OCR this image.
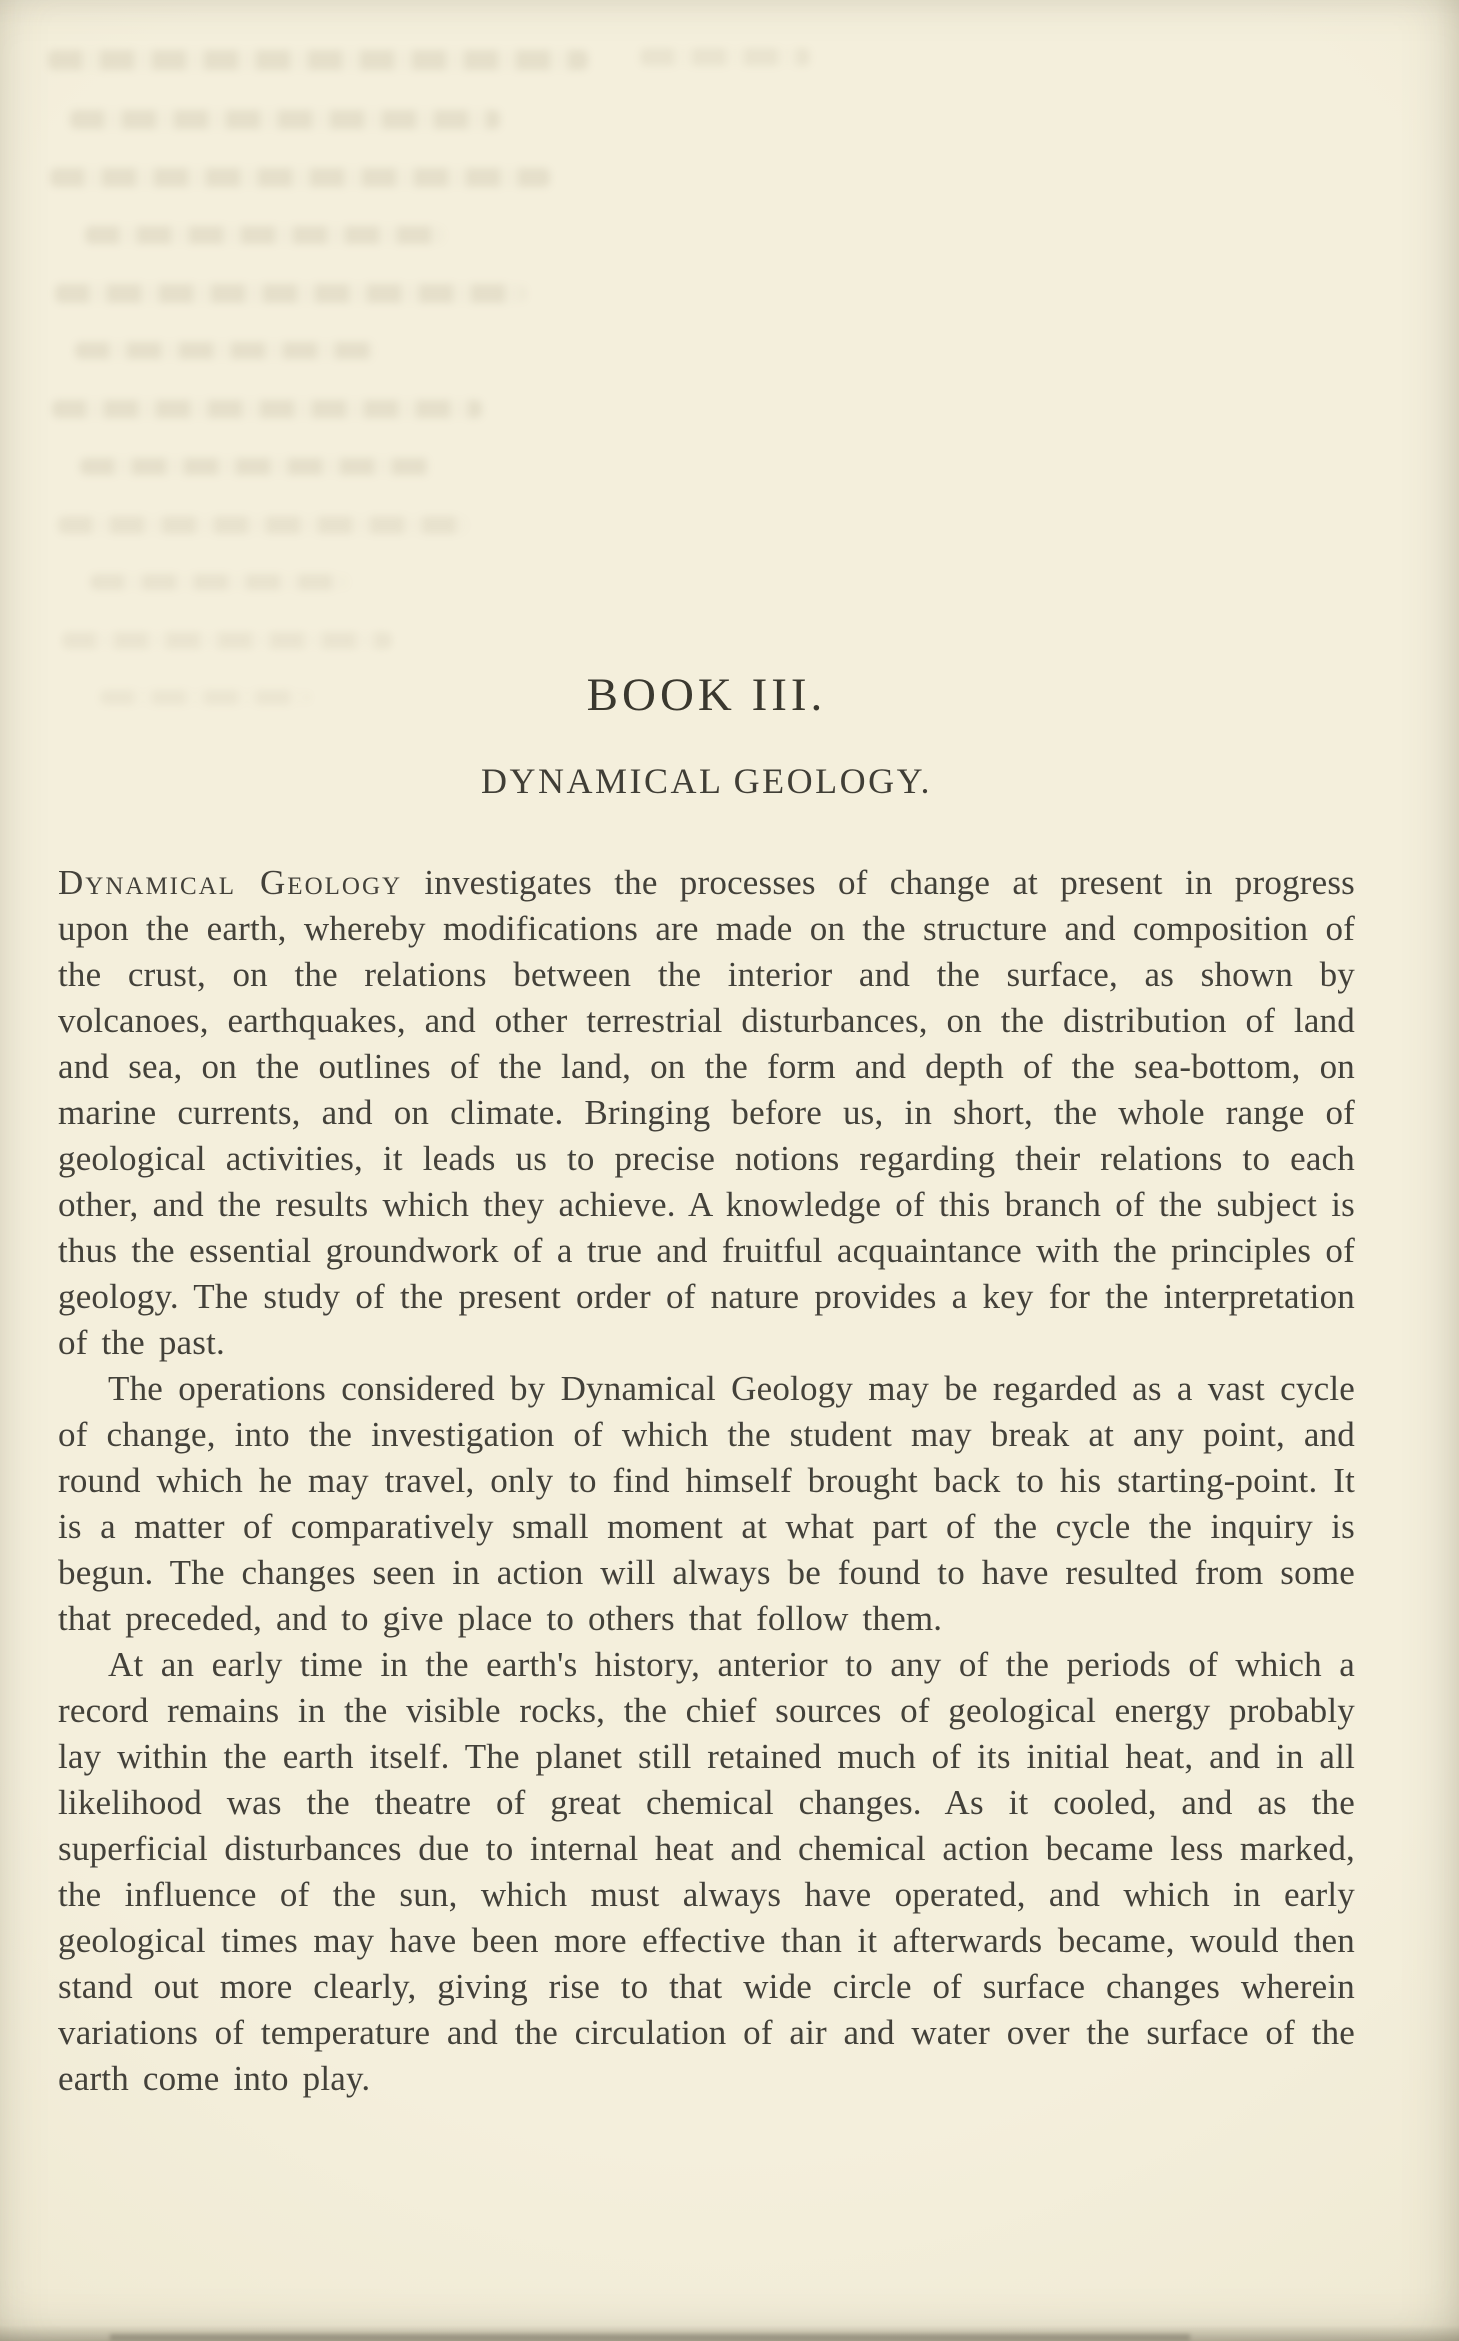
BOOK III.
DYNAMICAL GEOLOGY.

Dynamical Geology investigates the processes of change at present in progress upon the earth, whereby modifications are made on the structure and composition of the crust, on the relations between the interior and the surface, as shown by volcanoes, earthquakes, and other terrestrial disturbances, on the distribution of land and sea, on the outlines of the land, on the form and depth of the sea-bottom, on marine currents, and on climate. Bringing before us, in short, the whole range of geological activities, it leads us to precise notions regarding their relations to each other, and the results which they achieve. A knowledge of this branch of the subject is thus the essential groundwork of a true and fruitful acquaintance with the principles of geology. The study of the present order of nature provides a key for the interpretation of the past.

The operations considered by Dynamical Geology may be regarded as a vast cycle of change, into the investigation of which the student may break at any point, and round which he may travel, only to find himself brought back to his starting-point. It is a matter of comparatively small moment at what part of the cycle the inquiry is begun. The changes seen in action will always be found to have resulted from some that preceded, and to give place to others that follow them.

At an early time in the earth's history, anterior to any of the periods of which a record remains in the visible rocks, the chief sources of geological energy probably lay within the earth itself. The planet still retained much of its initial heat, and in all likelihood was the theatre of great chemical changes. As it cooled, and as the superficial disturbances due to internal heat and chemical action became less marked, the influence of the sun, which must always have operated, and which in early geological times may have been more effective than it afterwards became, would then stand out more clearly, giving rise to that wide circle of surface changes wherein variations of temperature and the circulation of air and water over the surface of the earth come into play.
